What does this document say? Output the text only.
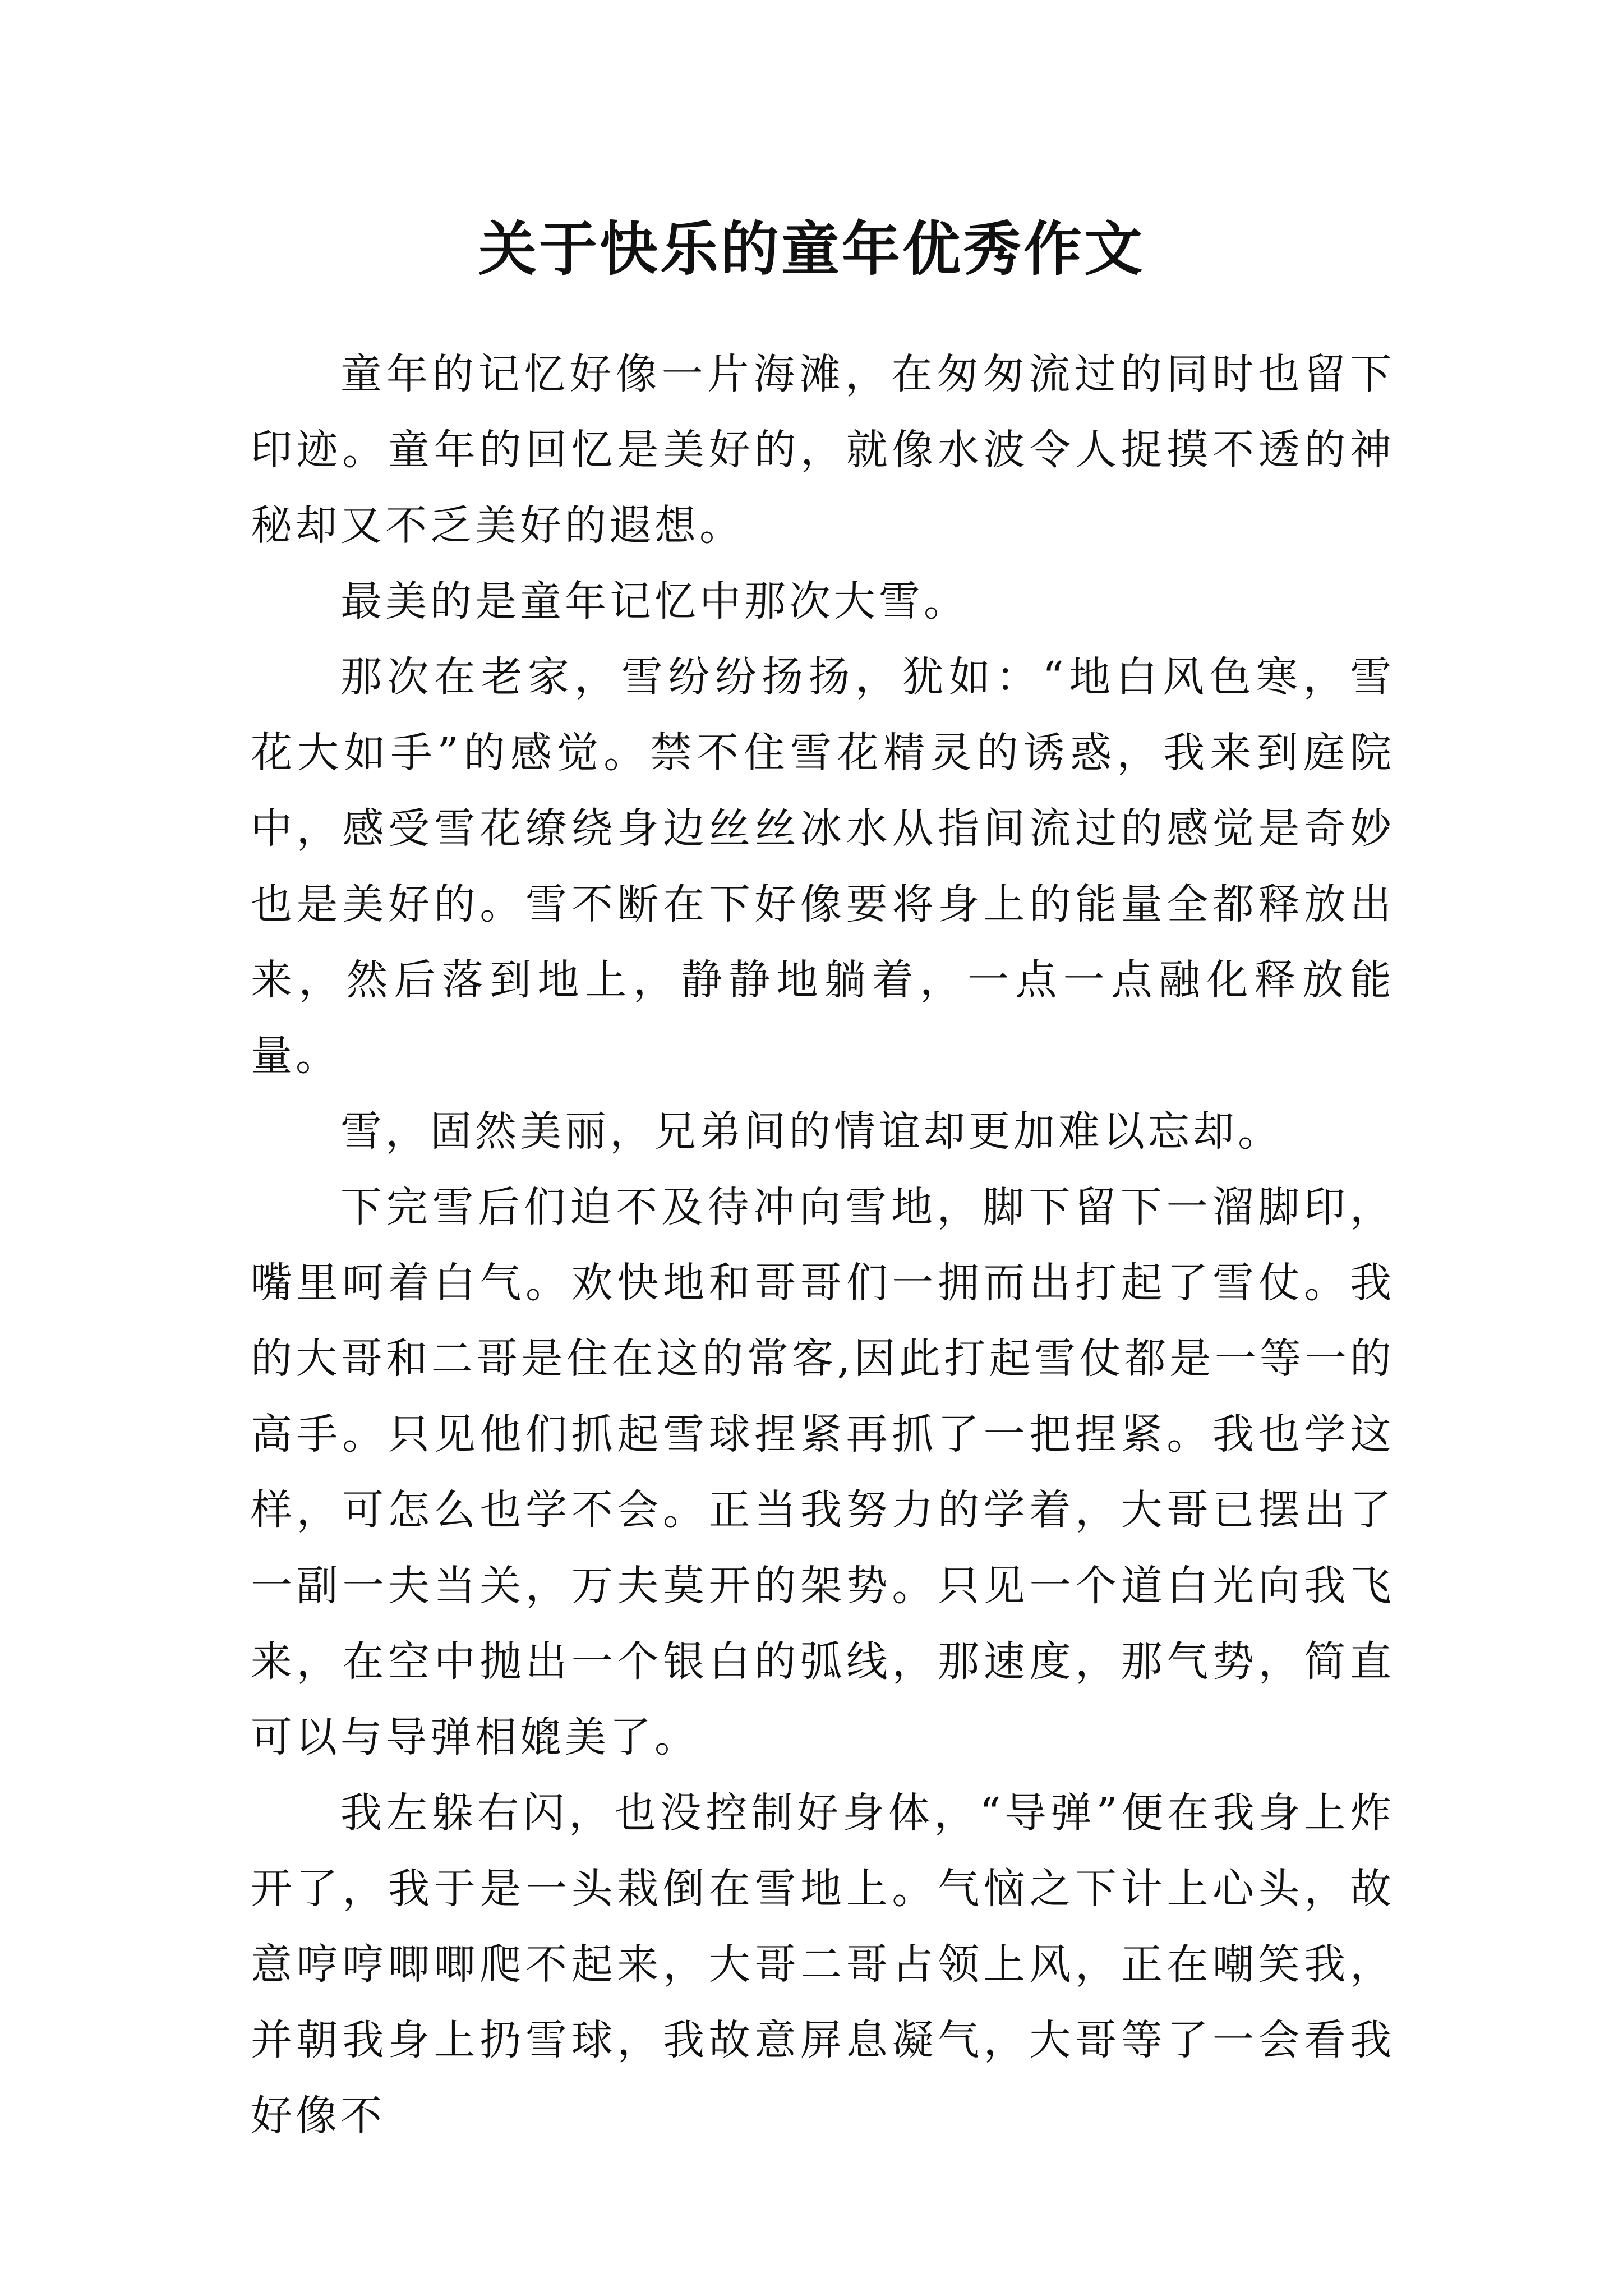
关于快乐的童年优秀作文

童年的记忆好像一片海滩，在匆匆流过的同时也留下印迹。童年的回忆是美好的，就像水波令人捉摸不透的神秘却又不乏美好的遐想。

最美的是童年记忆中那次大雪。

那次在老家，雪纷纷扬扬，犹如：“地白风色寒，雪花大如手”的感觉。禁不住雪花精灵的诱惑，我来到庭院中，感受雪花缭绕身边丝丝冰水从指间流过的感觉是奇妙也是美好的。雪不断在下好像要将身上的能量全都释放出来，然后落到地上，静静地躺着，一点一点融化释放能量。

雪，固然美丽，兄弟间的情谊却更加难以忘却。

下完雪后们迫不及待冲向雪地，脚下留下一溜脚印，嘴里呵着白气。欢快地和哥哥们一拥而出打起了雪仗。我的大哥和二哥是住在这的常客,因此打起雪仗都是一等一的高手。只见他们抓起雪球捏紧再抓了一把捏紧。我也学这样，可怎么也学不会。正当我努力的学着，大哥已摆出了一副一夫当关，万夫莫开的架势。只见一个道白光向我飞来，在空中抛出一个银白的弧线，那速度，那气势，简直可以与导弹相媲美了。

我左躲右闪，也没控制好身体，“导弹”便在我身上炸开了，我于是一头栽倒在雪地上。气恼之下计上心头，故意哼哼唧唧爬不起来，大哥二哥占领上风，正在嘲笑我，并朝我身上扔雪球，我故意屏息凝气，大哥等了一会看我好像不
